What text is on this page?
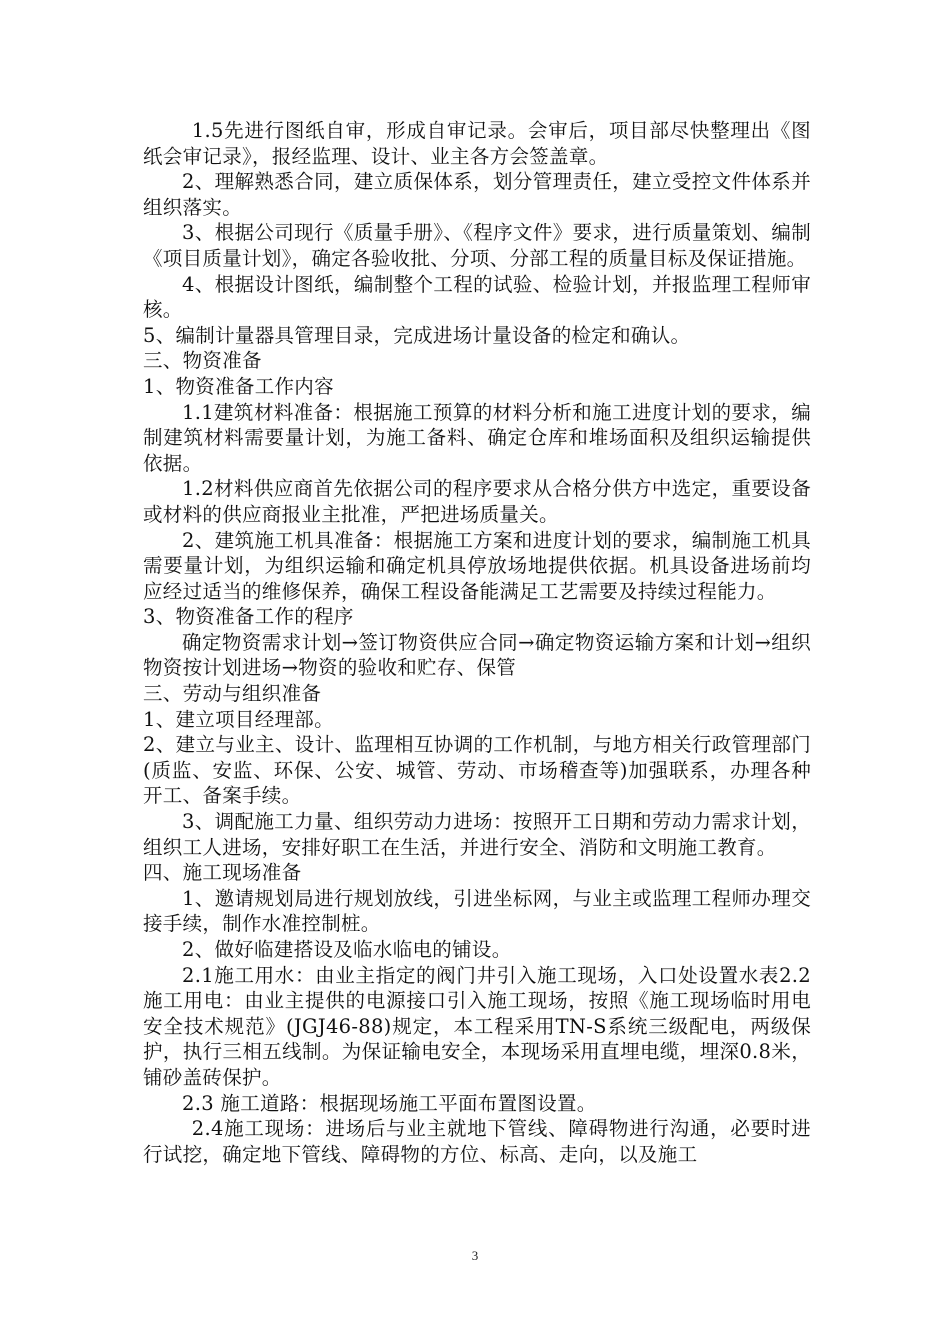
1.5先进行图纸自审，形成自审记录。会审后，项目部尽快整理出《图纸会审记录》，报经监理、设计、业主各方会签盖章。

2、理解熟悉合同，建立质保体系，划分管理责任，建立受控文件体系并组织落实。

3、根据公司现行《质量手册》、《程序文件》要求，进行质量策划、编制《项目质量计划》，确定各验收批、分项、分部工程的质量目标及保证措施。

4、根据设计图纸，编制整个工程的试验、检验计划，并报监理工程师审核。

5、编制计量器具管理目录，完成进场计量设备的检定和确认。

三、物资准备

1、物资准备工作内容

1.1建筑材料准备：根据施工预算的材料分析和施工进度计划的要求，编制建筑材料需要量计划，为施工备料、确定仓库和堆场面积及组织运输提供依据。

1.2材料供应商首先依据公司的程序要求从合格分供方中选定，重要设备或材料的供应商报业主批准，严把进场质量关。

2、建筑施工机具准备：根据施工方案和进度计划的要求，编制施工机具需要量计划，为组织运输和确定机具停放场地提供依据。机具设备进场前均应经过适当的维修保养，确保工程设备能满足工艺需要及持续过程能力。

3、物资准备工作的程序

确定物资需求计划→签订物资供应合同→确定物资运输方案和计划→组织物资按计划进场→物资的验收和贮存、保管

三、劳动与组织准备

1、建立项目经理部。

2、建立与业主、设计、监理相互协调的工作机制，与地方相关行政管理部门(质监、安监、环保、公安、城管、劳动、市场稽查等)加强联系，办理各种开工、备案手续。

3、调配施工力量、组织劳动力进场：按照开工日期和劳动力需求计划，组织工人进场，安排好职工在生活，并进行安全、消防和文明施工教育。

四、施工现场准备

1、邀请规划局进行规划放线，引进坐标网，与业主或监理工程师办理交接手续，制作水准控制桩。

2、做好临建搭设及临水临电的铺设。

2.1施工用水：由业主指定的阀门井引入施工现场，入口处设置水表2.2施工用电：由业主提供的电源接口引入施工现场，按照《施工现场临时用电安全技术规范》(JGJ46-88)规定，本工程采用TN-S系统三级配电，两级保护，执行三相五线制。为保证输电安全，本现场采用直埋电缆，埋深0.8米，铺砂盖砖保护。

2.3 施工道路：根据现场施工平面布置图设置。

2.4施工现场：进场后与业主就地下管线、障碍物进行沟通，必要时进行试挖，确定地下管线、障碍物的方位、标高、走向，以及施工

3
